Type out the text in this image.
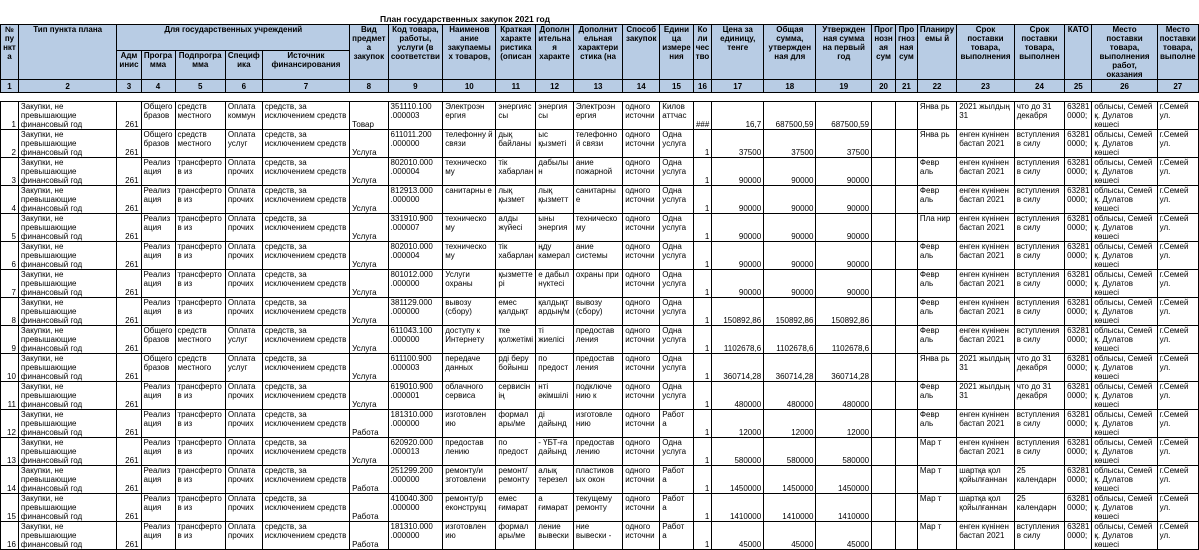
План государственных закупок 2021 год
№ пу нкт а	Тип пункта плана	Для государственных учреждений					Вид предмет а закупок	Код товара, работы, услуги (в соответстви	Наименов ание закупаемы х товаров,	Краткая характе ристика (описан	Дополн ительна я характе	Дополнит ельная характери стика (на	Способ закупок	Едини ца измере ния	Ко ли чес тво	Цена за единицу, тенге	Общая сумма, утвержден ная для	Утвержден ная сумма на первый год	Прог нозн ая сум	Про гноз ная сум	Планиру емы й	Срок поставки товара, выполнения	Срок поставки товара, выполнен	КАТО	Место поставки товара, выполнения работ, оказания	Место поставки товара, выполне
		Адм инис	Програ мма	Подпрогра мма	Специф ика	Источник финансирования																				
1	2	3	4	5	6	7	8	9	10	11	12	13	14	15	16	17	18	19	20	21	22	23	24	25	26	27

1	Закупки, не превышающие финансовый год	261	Общего бразов	средств местного	Оплата коммун	средств, за исключением средств	Товар	351110.100 .000003	Электроэн ергия	энергияс сы	энергия сы	Электроэн ергия	одного источни	Килов аттчас	###	16,7	687500,59	687500,59			Янва рь	2021 жылдың 31	что до 31 декабря	63281 0000;	облысы, Семей қ. Дулатов көшесі	г.Семей ул.
2	Закупки, не превышающие финансовый год	261	Общего бразов	средств местного	Оплата услуг	средств, за исключением средств	Услуга	611011.200 .000000	телефонну й связи	дық байланы	ыс қызметі	телефонно й связи	одного источни	Одна услуга	1	37500	37500	37500			Янва рь	енген күнінен бастап 2021	вступления в силу	63281 0000;	облысы, Семей қ. Дулатов көшесі	г.Семей ул.
3	Закупки, не превышающие финансовый год	261	Реализ ация	трансферто в из	Оплата прочих	средств, за исключением средств	Услуга	802010.000 .000004	техническо му	тік хабарлан	дабылы н	ание пожарной	одного источни	Одна услуга	1	90000	90000	90000			Февр аль	енген күнінен бастап 2021	вступления в силу	63281 0000;	облысы, Семей қ. Дулатов көшесі	г.Семей ул.
4	Закупки, не превышающие финансовый год	261	Реализ ация	трансферто в из	Оплата прочих	средств, за исключением средств	Услуга	812913.000 .000000	санитарны е	лық қызмет	лық қызметт	санитарны е	одного источни	Одна услуга	1	90000	90000	90000			Февр аль	енген күнінен бастап 2021	вступления в силу	63281 0000;	облысы, Семей қ. Дулатов көшесі	г.Семей ул.
5	Закупки, не превышающие финансовый год	261	Реализ ация	трансферто в из	Оплата прочих	средств, за исключением средств	Услуга	331910.900 .000007	техническо му	алды жүйесі	ыны энергия	техническо му	одного источни	Одна услуга	1	90000	90000	90000			Пла нир	енген күнінен бастап 2021	вступления в силу	63281 0000;	облысы, Семей қ. Дулатов көшесі	г.Семей ул.
6	Закупки, не превышающие финансовый год	261	Реализ ация	трансферто в из	Оплата прочих	средств, за исключением средств	Услуга	802010.000 .000004	техническо му	тік хабарлан	ңду камерал	ание системы	одного источни	Одна услуга	1	90000	90000	90000			Февр аль	енген күнінен бастап 2021	вступления в силу	63281 0000;	облысы, Семей қ. Дулатов көшесі	г.Семей ул.
7	Закупки, не превышающие финансовый год	261	Реализ ация	трансферто в из	Оплата прочих	средств, за исключением средств	Услуга	801012.000 .000000	Услуги охраны	қызметте рі	е дабыл нүктесі	охраны при	одного источни	Одна услуга	1	90000	90000	90000			Февр аль	енген күнінен бастап 2021	вступления в силу	63281 0000;	облысы, Семей қ. Дулатов көшесі	г.Семей ул.
8	Закупки, не превышающие финансовый год	261	Реализ ация	трансферто в из	Оплата прочих	средств, за исключением средств	Услуга	381129.000 .000000	вывозу (сбору)	емес қалдықт	қалдықт ардың/м	вывозу (сбору)	одного источни	Одна услуга	1	150892,86	150892,86	150892,86			Февр аль	енген күнінен бастап 2021	вступления в силу	63281 0000;	облысы, Семей қ. Дулатов көшесі	г.Семей ул.
9	Закупки, не превышающие финансовый год	261	Общего бразов	средств местного	Оплата услуг	средств, за исключением средств	Услуга	611043.100 .000000	доступу к Интернету	тке қолжетімі	ті жиелісі	предостав ления	одного источни	Одна услуга	1	1102678,6	1102678,6	1102678,6			Февр аль	енген күнінен бастап 2021	вступления в силу	63281 0000;	облысы, Семей қ. Дулатов көшесі	г.Семей ул.
10	Закупки, не превышающие финансовый год	261	Общего бразов	средств местного	Оплата услуг	средств, за исключением средств	Услуга	611100.900 .000003	передаче данных	рді беру бойынш	по предост	предостав ления	одного источни	Одна услуга	1	360714,28	360714,28	360714,28			Янва рь	2021 жылдың 31	что до 31 декабря	63281 0000;	облысы, Семей қ. Дулатов көшесі	г.Семей ул.
11	Закупки, не превышающие финансовый год	261	Реализ ация	трансферто в из	Оплата прочих	средств, за исключением средств	Услуга	619010.900 .000001	облачного сервиса	сервисін ің	нті әкімшілі	подключе нию к	одного источни	Одна услуга	1	480000	480000	480000			Февр аль	2021 жылдың 31	что до 31 декабря	63281 0000;	облысы, Семей қ. Дулатов көшесі	г.Семей ул.
12	Закупки, не превышающие финансовый год	261	Реализ ация	трансферто в из	Оплата прочих	средств, за исключением средств	Работа	181310.000 .000000	изготовлен ию	формал ары/ме	ді дайынд	изготовле нию	одного источни	Работ а	1	12000	12000	12000			Февр аль	енген күнінен бастап 2021	вступления в силу	63281 0000;	облысы, Семей қ. Дулатов көшесі	г.Семей ул.
13	Закупки, не превышающие финансовый год	261	Реализ ация	трансферто в из	Оплата прочих	средств, за исключением средств	Услуга	620920.000 .000013	предостав лению	по предост	- ҮБТ-ға дайынд	предостав лению	одного источни	Одна услуга	1	580000	580000	580000			Мар т	енген күнінен бастап 2021	вступления в силу	63281 0000;	облысы, Семей қ. Дулатов көшесі	г.Семей ул.
14	Закупки, не превышающие финансовый год	261	Реализ ация	трансферто в из	Оплата прочих	средств, за исключением средств	Работа	251299.200 .000000	ремонту/и зготовлени	ремонт/ ремонту	алық терезел	пластиков ых окон	одного источни	Работ а	1	1450000	1450000	1450000			Мар т	шартқа қол қойылғаннан	25 календарн	63281 0000;	облысы, Семей қ. Дулатов көшесі	г.Семей ул.
15	Закупки, не превышающие финансовый год	261	Реализ ация	трансферто в из	Оплата прочих	средств, за исключением средств	Работа	410040.300 .000000	ремонту/р еконструкц	емес ғимарат	а ғимарат	текущему ремонту	одного источни	Работ а	1	1410000	1410000	1410000			Мар т	шартқа қол қойылғаннан	25 календарн	63281 0000;	облысы, Семей қ. Дулатов көшесі	г.Семей ул.
16	Закупки, не превышающие финансовый год	261	Реализ ация	трансферто в из	Оплата прочих	средств, за исключением средств	Работа	181310.000 .000000	изготовлен ию	формал ары/ме	ление вывески	ние вывески -	одного источни	Работ а	1	45000	45000	45000			Мар т	енген күнінен бастап 2021	вступления в силу	63281 0000;	облысы, Семей қ. Дулатов көшесі	г.Семей ул.
